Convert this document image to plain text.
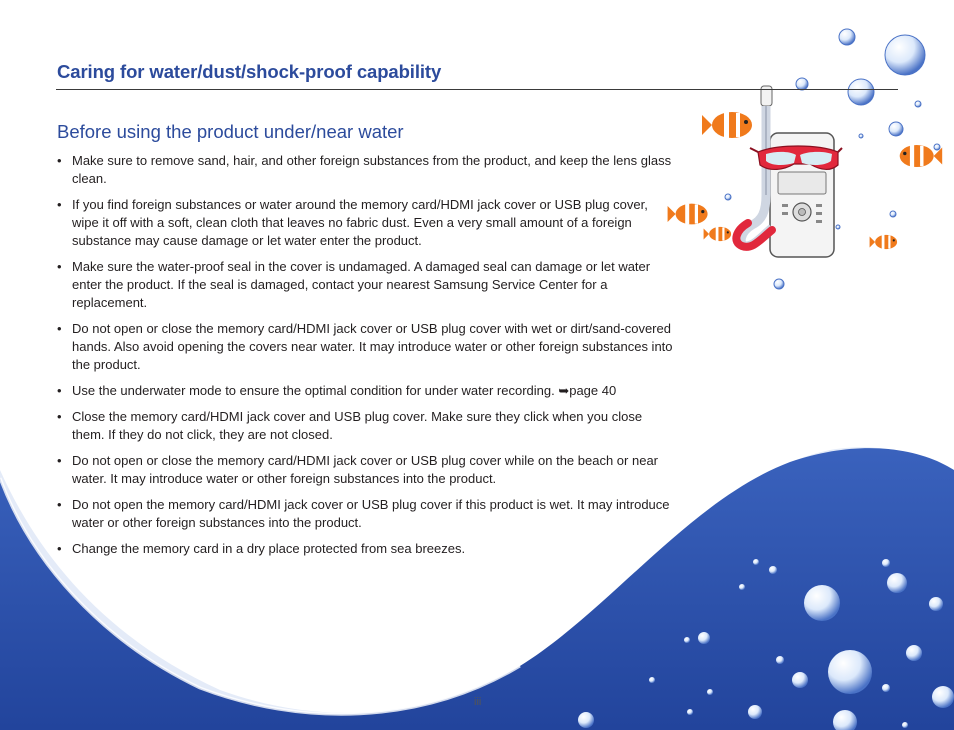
Caring for water/dust/shock-proof capability
Before using the product under/near water
• Make sure to remove sand, hair, and other foreign substances from the product, and keep the lens glass clean.
• If you find foreign substances or water around the memory card/HDMI jack cover or USB plug cover, wipe it off with a soft, clean cloth that leaves no fabric dust. Even a very small amount of a foreign substance may cause damage or let water enter the product.
• Make sure the water-proof seal in the cover is undamaged. A damaged seal can damage or let water enter the product. If the seal is damaged, contact your nearest Samsung Service Center for a replacement.
• Do not open or close the memory card/HDMI jack cover or USB plug cover with wet or dirt/sand-covered hands. Also avoid opening the covers near water. It may introduce water or other foreign substances into the product.
• Use the underwater mode to ensure the optimal condition for under water recording. ➥page 40
• Close the memory card/HDMI jack cover and USB plug cover. Make sure they click when you close them. If they do not click, they are not closed.
• Do not open or close the memory card/HDMI jack cover or USB plug cover while on the beach or near water. It may introduce water or other foreign substances into the product.
• Do not open the memory card/HDMI jack cover or USB plug cover if this product is wet. It may introduce water or other foreign substances into the product.
• Change the memory card in a dry place protected from sea breezes.
iii
